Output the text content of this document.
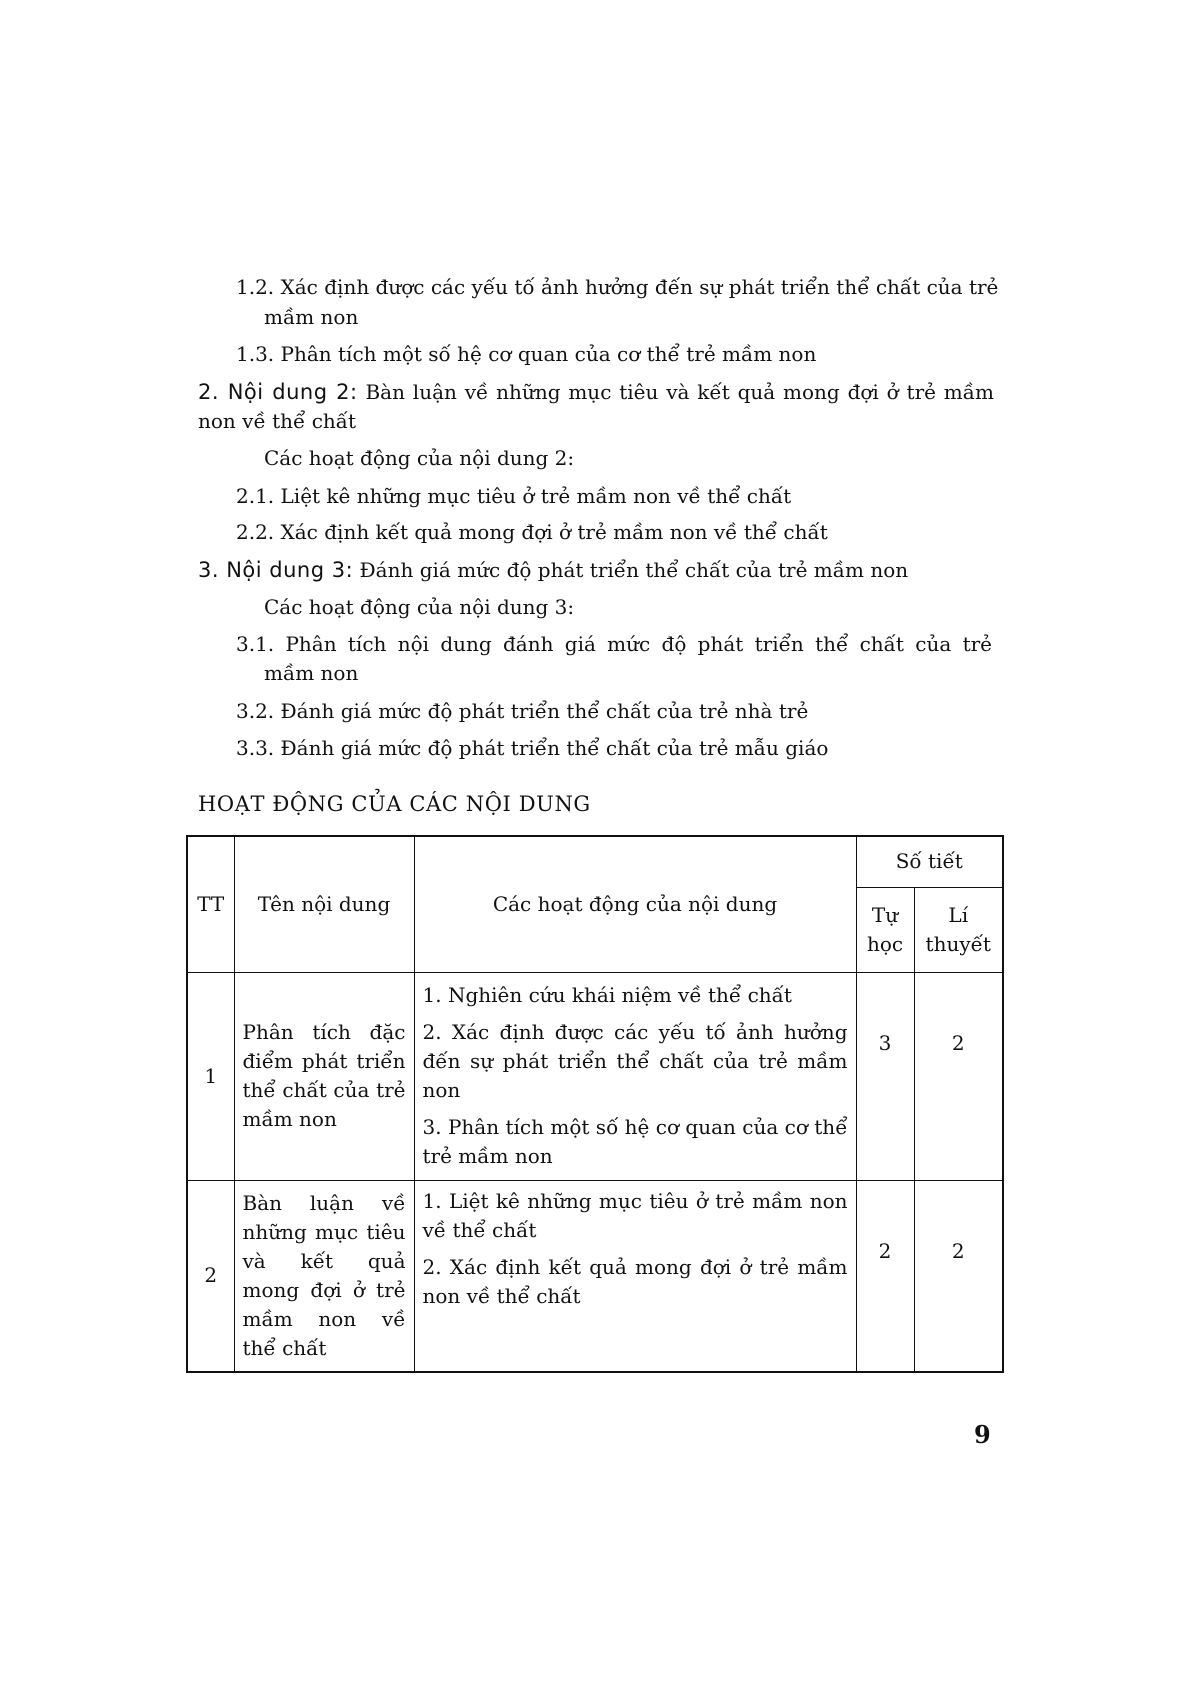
1.2. Xác định được các yếu tố ảnh hưởng đến sự phát triển thể chất của trẻ
mầm non
1.3. Phân tích một số hệ cơ quan của cơ thể trẻ mầm non
2. Nội dung 2: Bàn luận về những mục tiêu và kết quả mong đợi ở trẻ mầm
non về thể chất
Các hoạt động của nội dung 2:
2.1. Liệt kê những mục tiêu ở trẻ mầm non về thể chất
2.2. Xác định kết quả mong đợi ở trẻ mầm non về thể chất
3. Nội dung 3: Đánh giá mức độ phát triển thể chất của trẻ mầm non
Các hoạt động của nội dung 3:
3.1. Phân tích nội dung đánh giá mức độ phát triển thể chất của trẻ
mầm non
3.2. Đánh giá mức độ phát triển thể chất của trẻ nhà trẻ
3.3. Đánh giá mức độ phát triển thể chất của trẻ mẫu giáo
HOẠT ĐỘNG CỦA CÁC NỘI DUNG
TT	Tên nội dung	Các hoạt động của nội dung	Số tiết	
			Tự học	Lí thuyết
1	Phân tích đặc điểm phát triển thể chất của trẻ mầm non	1. Nghiên cứu khái niệm về thể chất

2. Xác định được các yếu tố ảnh hưởng đến sự phát triển thể chất của trẻ mầm non

3. Phân tích một số hệ cơ quan của cơ thể trẻ mầm non	3	2
2	Bàn luận về những mục tiêu và kết quả mong đợi ở trẻ mầm non về thể chất	1. Liệt kê những mục tiêu ở trẻ mầm non về thể chất

2. Xác định kết quả mong đợi ở trẻ mầm non về thể chất	2	2
9
